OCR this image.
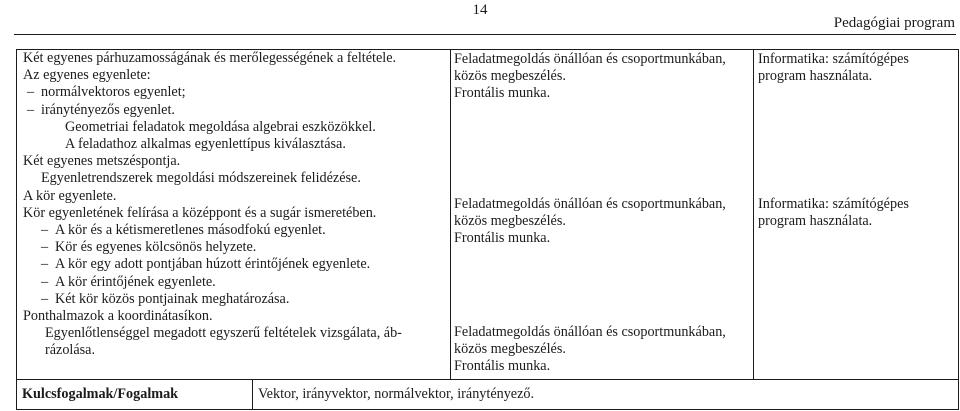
14
Pedagógiai program
Két egyenes párhuzamosságának és merőlegességének a feltétele.
Az egyenes egyenlete:
– normálvektoros egyenlet;
– iránytényezős egyenlet.
Geometriai feladatok megoldása algebrai eszközökkel.
A feladathoz alkalmas egyenlettípus kiválasztása.
Két egyenes metszéspontja.
Egyenletrendszerek megoldási módszereinek felidézése.
A kör egyenlete.
Kör egyenletének felírása a középpont és a sugár ismeretében.
– A kör és a kétismeretlenes másodfokú egyenlet.
– Kör és egyenes kölcsönös helyzete.
– A kör egy adott pontjában húzott érintőjének egyenlete.
– A kör érintőjének egyenlete.
– Két kör közös pontjainak meghatározása.
Ponthalmazok a koordinátasíkon.
Egyenlőtlenséggel megadott egyszerű feltételek vizsgálata, áb-
rázolása.
Feladatmegoldás önállóan és csoportmunkában,
közös megbeszélés.
Frontális munka.
Feladatmegoldás önállóan és csoportmunkában,
közös megbeszélés.
Frontális munka.
Feladatmegoldás önállóan és csoportmunkában,
közös megbeszélés.
Frontális munka.
Informatika: számítógépes
program használata.
Informatika: számítógépes
program használata.
Kulcsfogalmak/Fogalmak	Vektor, irányvektor, normálvektor, iránytényező.
